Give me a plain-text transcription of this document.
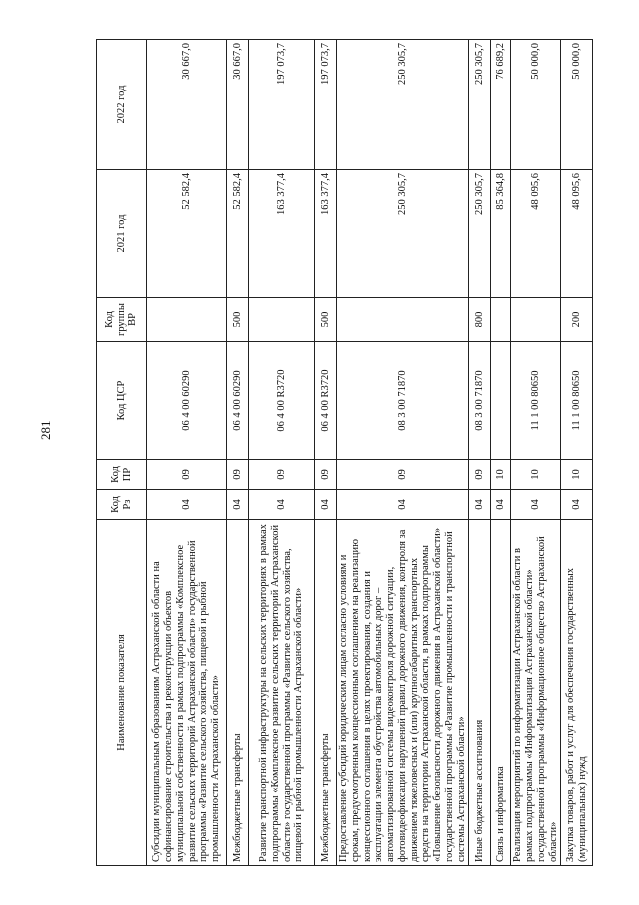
281
Наименование показателя	Код Рз	Код ПР	Код ЦСР	Код группы ВР	2021 год	2022 год
Субсидии муниципальным образованиям Астраханской области на софинансирование строительства и реконструкции объектов муниципальной собственности в рамках подпрограммы «Комплексное развитие сельских территорий Астраханской области» государственной программы «Развитие сельского хозяйства, пищевой и рыбной промышленности Астраханской области»	04	09	06 4 00 60290		52 582,4	30 667,0
Межбюджетные трансферты	04	09	06 4 00 60290	500	52 582,4	30 667,0
Развитие транспортной инфраструктуры на сельских территориях в рамках подпрограммы «Комплексное развитие сельских территорий Астраханской области» государственной программы «Развитие сельского хозяйства, пищевой и рыбной промышленности Астраханской области»	04	09	06 4 00 R3720		163 377,4	197 073,7
Межбюджетные трансферты	04	09	06 4 00 R3720	500	163 377,4	197 073,7
Предоставление субсидий юридическим лицам согласно условиям и срокам, предусмотренным концессионным соглашением на реализацию концессионного соглашения в целях проектирования, создания и эксплуатации элемента обустройства автомобильных дорог – автоматизированной системы видеоконтроля дорожной ситуации, фотовидеофиксации нарушений правил дорожного движения, контроля за движением тяжеловесных и (или) крупногабаритных транспортных средств на территории Астраханской области, в рамках подпрограммы «Повышение безопасности дорожного движения в Астраханской области» государственной программы «Развитие промышленности и транспортной системы Астраханской области»	04	09	08 3 00 71870		250 305,7	250 305,7
Иные бюджетные ассигнования	04	09	08 3 00 71870	800	250 305,7	250 305,7
Связь и информатика	04	10			85 364,8	76 689,2
Реализация мероприятий по информатизации Астраханской области в рамках подпрограммы «Информатизация Астраханской области» государственной программы «Информационное общество Астраханской области»	04	10	11 1 00 80650		48 095,6	50 000,0
Закупка товаров, работ и услуг для обеспечения государственных (муниципальных) нужд	04	10	11 1 00 80650	200	48 095,6	50 000,0
